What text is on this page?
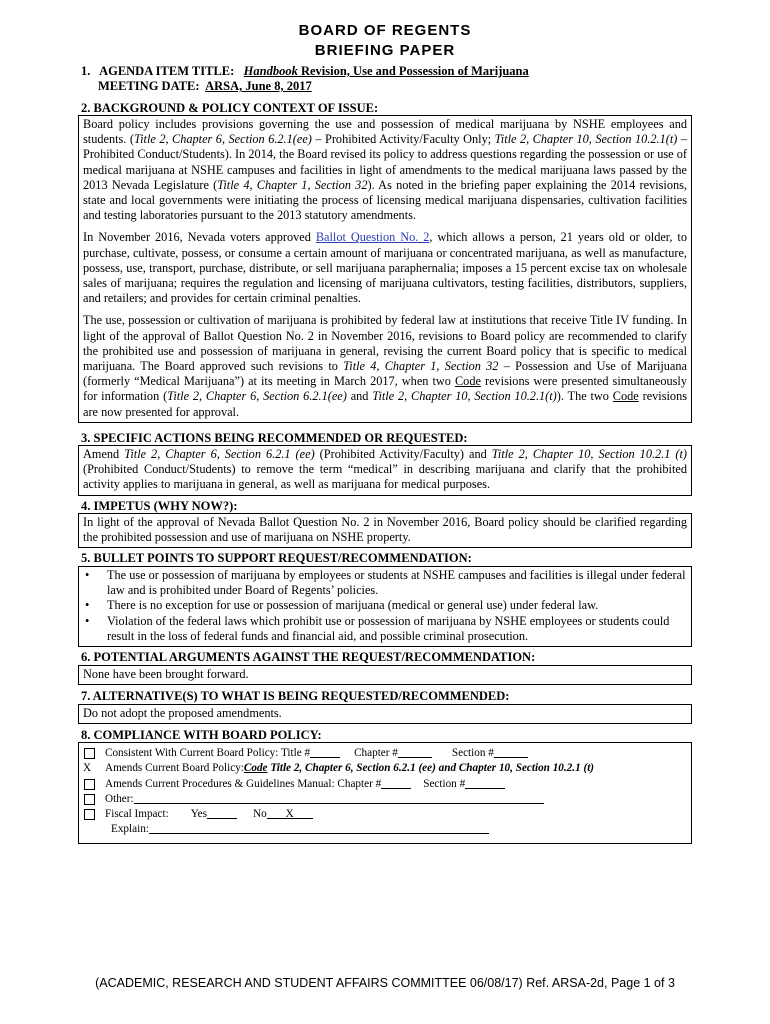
BOARD OF REGENTS
BRIEFING PAPER
1. AGENDA ITEM TITLE: Handbook Revision, Use and Possession of Marijuana
MEETING DATE: ARSA, June 8, 2017
2. BACKGROUND & POLICY CONTEXT OF ISSUE:

Board policy includes provisions governing the use and possession of medical marijuana by NSHE employees and students. (Title 2, Chapter 6, Section 6.2.1(ee) – Prohibited Activity/Faculty Only; Title 2, Chapter 10, Section 10.2.1(t) – Prohibited Conduct/Students). In 2014, the Board revised its policy to address questions regarding the possession or use of medical marijuana at NSHE campuses and facilities in light of amendments to the medical marijuana laws passed by the 2013 Nevada Legislature (Title 4, Chapter 1, Section 32). As noted in the briefing paper explaining the 2014 revisions, state and local governments were initiating the process of licensing medical marijuana dispensaries, cultivation facilities and testing laboratories pursuant to the 2013 statutory amendments.

In November 2016, Nevada voters approved Ballot Question No. 2, which allows a person, 21 years old or older, to purchase, cultivate, possess, or consume a certain amount of marijuana or concentrated marijuana, as well as manufacture, possess, use, transport, purchase, distribute, or sell marijuana paraphernalia; imposes a 15 percent excise tax on wholesale sales of marijuana; requires the regulation and licensing of marijuana cultivators, testing facilities, distributors, suppliers, and retailers; and provides for certain criminal penalties.

The use, possession or cultivation of marijuana is prohibited by federal law at institutions that receive Title IV funding. In light of the approval of Ballot Question No. 2 in November 2016, revisions to Board policy are recommended to clarify the prohibited use and possession of marijuana in general, revising the current Board policy that is specific to medical marijuana. The Board approved such revisions to Title 4, Chapter 1, Section 32 – Possession and Use of Marijuana (formerly “Medical Marijuana”) at its meeting in March 2017, when two Code revisions were presented simultaneously for information (Title 2, Chapter 6, Section 6.2.1(ee) and Title 2, Chapter 10, Section 10.2.1(t)). The two Code revisions are now presented for approval.

3. SPECIFIC ACTIONS BEING RECOMMENDED OR REQUESTED:

Amend Title 2, Chapter 6, Section 6.2.1 (ee) (Prohibited Activity/Faculty) and Title 2, Chapter 10, Section 10.2.1 (t) (Prohibited Conduct/Students) to remove the term “medical” in describing marijuana and clarify that the prohibited activity applies to marijuana in general, as well as marijuana for medical purposes.

4. IMPETUS (WHY NOW?):

In light of the approval of Nevada Ballot Question No. 2 in November 2016, Board policy should be clarified regarding the prohibited possession and use of marijuana on NSHE property.

5. BULLET POINTS TO SUPPORT REQUEST/RECOMMENDATION:
•	The use or possession of marijuana by employees or students at NSHE campuses and facilities is illegal under federal law and is prohibited under Board of Regents’ policies.
•	There is no exception for use or possession of marijuana (medical or general use) under federal law.
•	Violation of the federal laws which prohibit use or possession of marijuana by NSHE employees or students could result in the loss of federal funds and financial aid, and possible criminal prosecution.
6. POTENTIAL ARGUMENTS AGAINST THE REQUEST/RECOMMENDATION:

None have been brought forward.

7. ALTERNATIVE(S) TO WHAT IS BEING REQUESTED/RECOMMENDED:

Do not adopt the proposed amendments.

8. COMPLIANCE WITH BOARD POLICY:
Consistent With Current Board Policy: Title #	Chapter #	Section #
X	Amends Current Board Policy: Code Title 2, Chapter 6, Section 6.2.1 (ee) and Chapter 10, Section 10.2.1 (t)
Amends Current Procedures & Guidelines Manual: Chapter #	Section #
Other:
Fiscal Impact: Yes	No	X
Explain:
(ACADEMIC, RESEARCH AND STUDENT AFFAIRS COMMITTEE 06/08/17) Ref. ARSA-2d, Page 1 of 3
